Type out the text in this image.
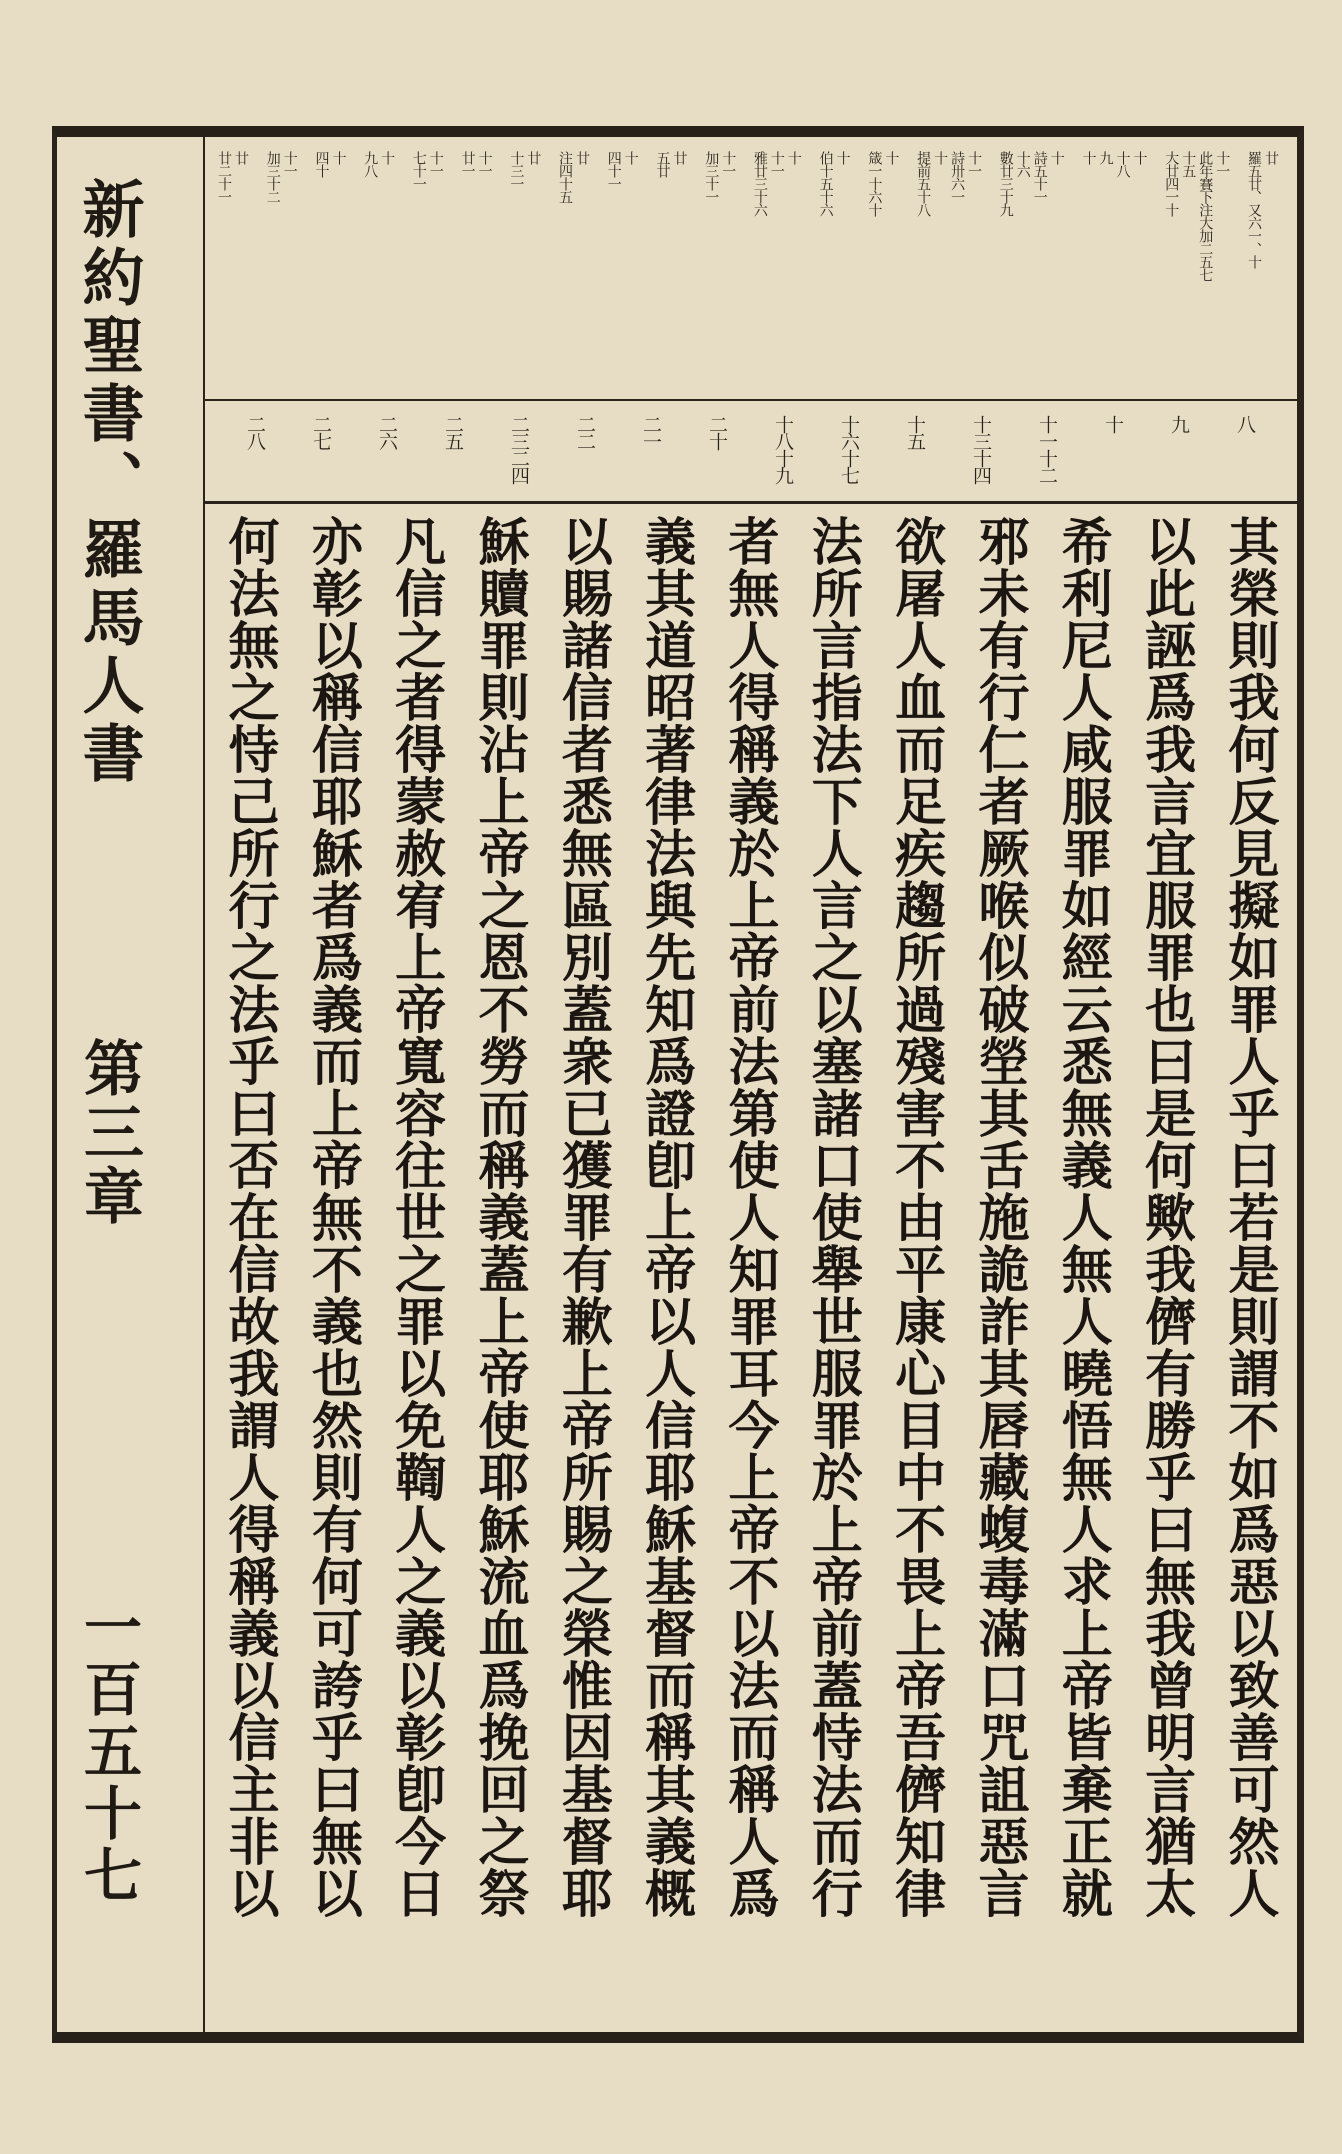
新約聖書、羅馬人書
第三章
一百五十七
廿
羅五廿、又六一、十
十一
此年賽下注大加二五七
十五
大廿四一十
十
十八
九
十
十
詩五十一
十六
數廿三十九
十一
詩卅六一
十
提前五十八
十
箴一十六十
十
伯十五十六
十
十一
雅廿三十六
十一
加三十一
廿
五廿
十
四十一
廿
注四十五
廿
十三一
十一
廿一
十一
七十一
十
九八
十
四十
十一
加三十二
廿
廿二十一
八
九
十
十一十二
十三十四
十五
十六十七
十八十九
二十
二一
二二
二三二四
二五
二六
二七
二八
其榮則我何反見擬如罪人乎曰若是則謂不如爲惡以致善可然人
以此誣爲我言宜服罪也曰是何歟我儕有勝乎曰無我曾明言猶太
希利尼人咸服罪如經云悉無義人無人曉悟無人求上帝皆棄正就
邪未有行仁者厥喉似破塋其舌施詭詐其唇藏蝮毒滿口咒詛惡言
欲屠人血而足疾趨所過殘害不由平康心目中不畏上帝吾儕知律
法所言指法下人言之以塞諸口使舉世服罪於上帝前蓋恃法而行
者無人得稱義於上帝前法第使人知罪耳今上帝不以法而稱人爲
義其道昭著律法與先知爲證卽上帝以人信耶穌基督而稱其義概
以賜諸信者悉無區別蓋衆已獲罪有歉上帝所賜之榮惟因基督耶
穌贖罪則沾上帝之恩不勞而稱義蓋上帝使耶穌流血爲挽回之祭
凡信之者得蒙赦宥上帝寬容往世之罪以免鞫人之義以彰卽今日
亦彰以稱信耶穌者爲義而上帝無不義也然則有何可誇乎曰無以
何法無之恃己所行之法乎曰否在信故我謂人得稱義以信主非以
